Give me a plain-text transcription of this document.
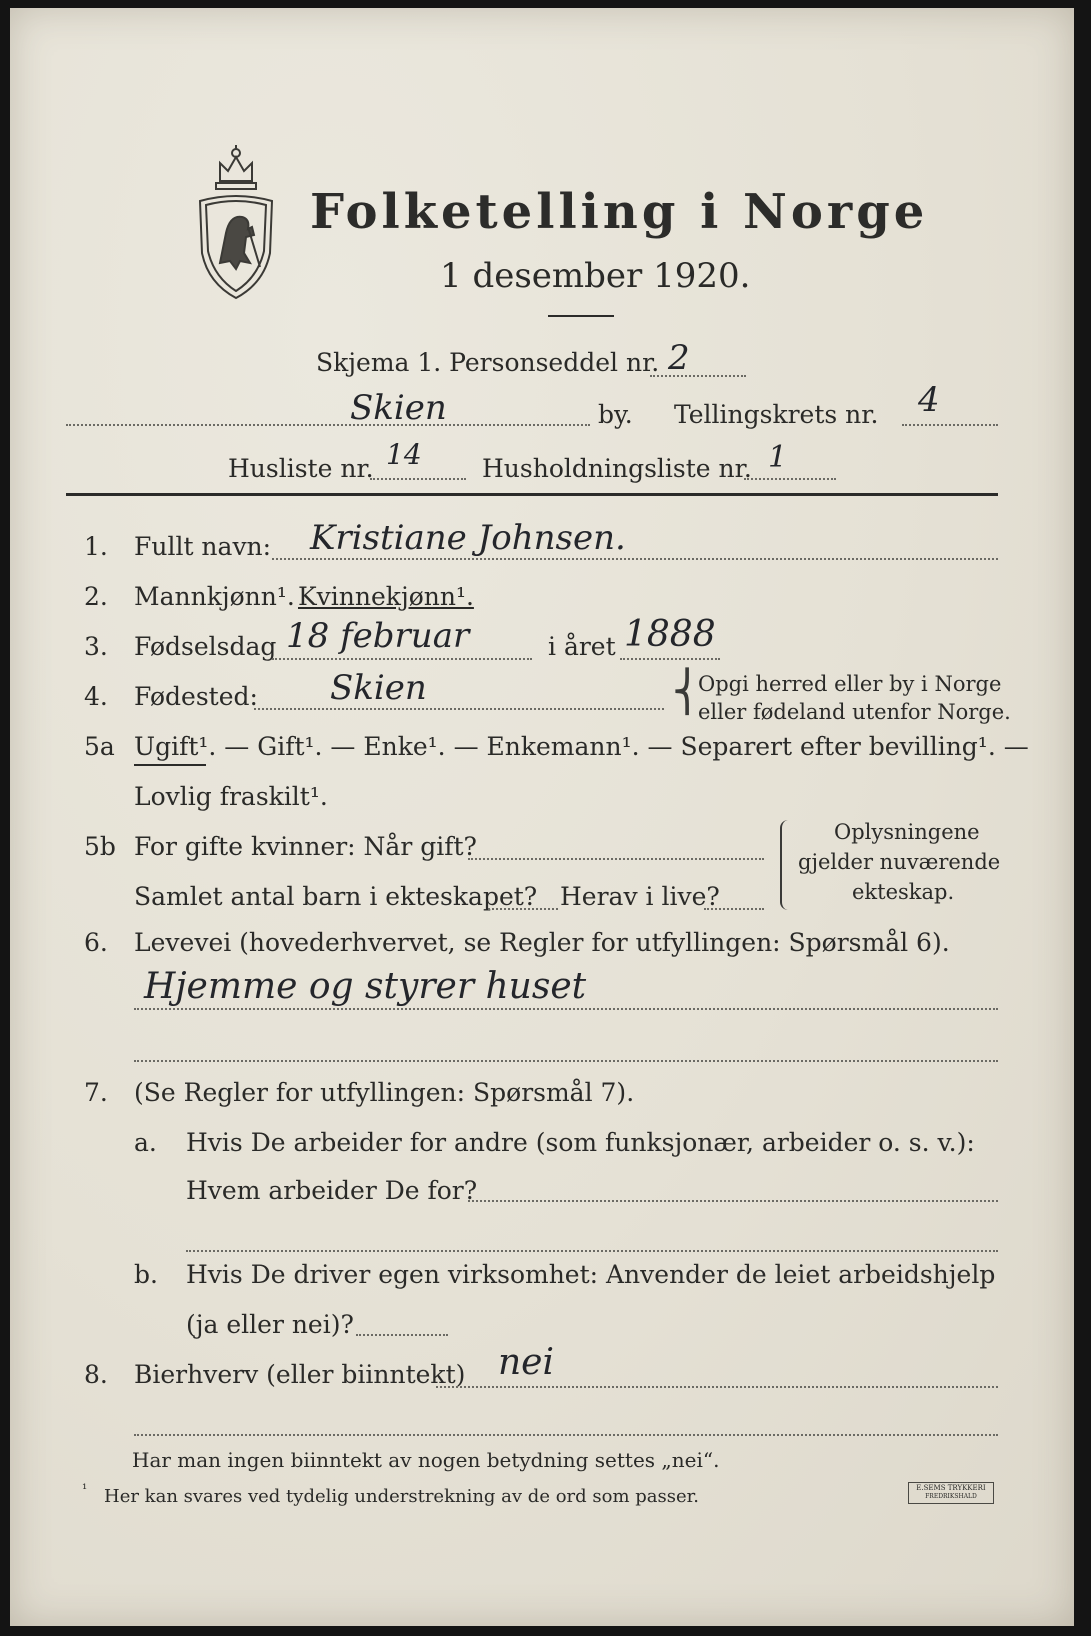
Folketelling i Norge
1 desember 1920.
Skjema 1. Personseddel nr. 2
Skien	by. Tellingskrets nr. 4
Husliste nr. 14 Husholdningsliste nr. 1
1. Fullt navn: Kristiane Johnsen.
2. Mannkjønn¹. Kvinnekjønn¹.
3. Fødselsdag 18 februar	i året 1888
4. Fødested: Skien	⎨
Opgi herred eller by i Norge
eller fødeland utenfor Norge.
5a Ugift¹. — Gift¹. — Enke¹. — Enkemann¹. — Separert efter bevilling¹. —
Lovlig fraskilt¹.
5b For gifte kvinner: Når gift?
Samlet antal barn i ekteskapet? Herav i live?
Oplysningene
gjelder nuværende
ekteskap.
6. Levevei (hovederhvervet, se Regler for utfyllingen: Spørsmål 6).
Hjemme og styrer huset
7. (Se Regler for utfyllingen: Spørsmål 7).
a. Hvis De arbeider for andre (som funksjonær, arbeider o. s. v.):
Hvem arbeider De for?
b. Hvis De driver egen virksomhet: Anvender de leiet arbeidshjelp
(ja eller nei)?
8. Bierhverv (eller biinntekt) nei
Har man ingen biinntekt av nogen betydning settes „nei“.
¹ Her kan svares ved tydelig understrekning av de ord som passer.	E.SEMS TRYKKERI
FREDRIKSHALD
